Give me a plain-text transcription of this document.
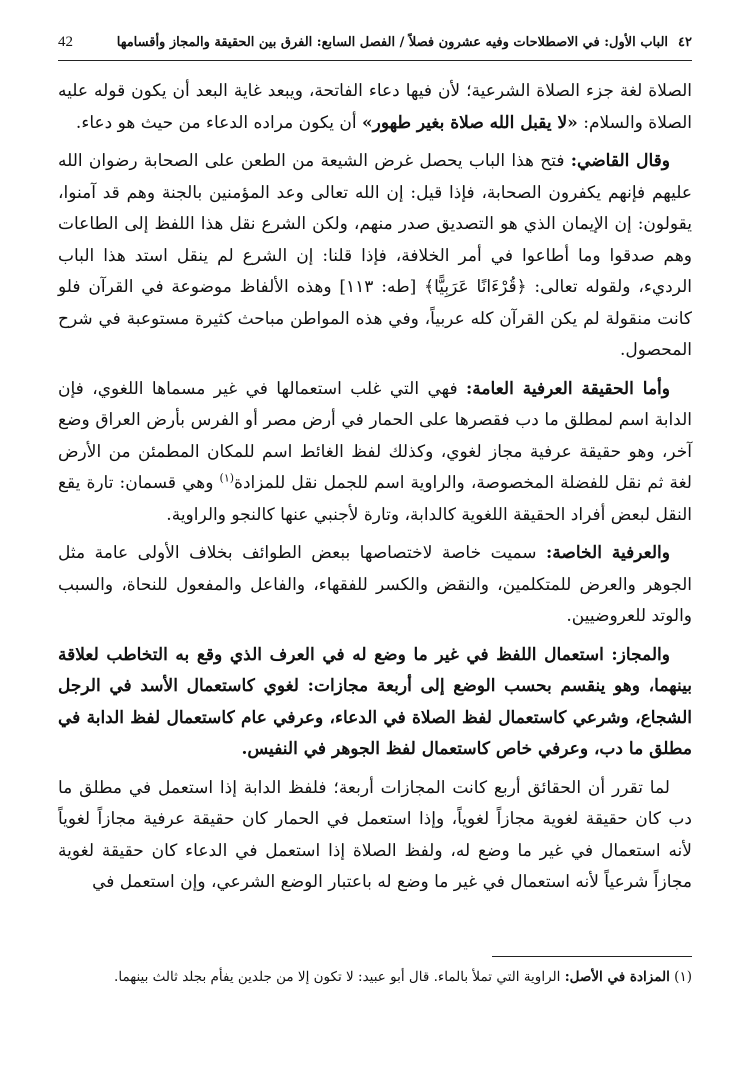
٤٢
الباب الأول: في الاصطلاحات وفيه عشرون فصلاً / الفصل السابع: الفرق بين الحقيقة والمجاز وأقسامها
42

الصلاة لغة جزء الصلاة الشرعية؛ لأن فيها دعاء الفاتحة، ويبعد غاية البعد أن يكون قوله عليه الصلاة والسلام: «لا يقبل الله صلاة بغير طهور» أن يكون مراده الدعاء من حيث هو دعاء.

وقال القاضي: فتح هذا الباب يحصل غرض الشيعة من الطعن على الصحابة رضوان الله عليهم فإنهم يكفرون الصحابة، فإذا قيل: إن الله تعالى وعد المؤمنين بالجنة وهم قد آمنوا، يقولون: إن الإيمان الذي هو التصديق صدر منهم، ولكن الشرع نقل هذا اللفظ إلى الطاعات وهم صدقوا وما أطاعوا في أمر الخلافة، فإذا قلنا: إن الشرع لم ينقل استد هذا الباب الرديء، ولقوله تعالى: ﴿قُرْءَانًا عَرَبِيًّا﴾ [طه: ١١٣] وهذه الألفاظ موضوعة في القرآن فلو كانت منقولة لم يكن القرآن كله عربياً، وفي هذه المواطن مباحث كثيرة مستوعبة في شرح المحصول.

وأما الحقيقة العرفية العامة: فهي التي غلب استعمالها في غير مسماها اللغوي، فإن الدابة اسم لمطلق ما دب فقصرها على الحمار في أرض مصر أو الفرس بأرض العراق وضع آخر، وهو حقيقة عرفية مجاز لغوي، وكذلك لفظ الغائط اسم للمكان المطمئن من الأرض لغة ثم نقل للفضلة المخصوصة، والراوية اسم للجمل نقل للمزادة$^{(١)}$ وهي قسمان: تارة يقع النقل لبعض أفراد الحقيقة اللغوية كالدابة، وتارة لأجنبي عنها كالنجو والراوية.

والعرفية الخاصة: سميت خاصة لاختصاصها ببعض الطوائف بخلاف الأولى عامة مثل الجوهر والعرض للمتكلمين، والنقض والكسر للفقهاء، والفاعل والمفعول للنحاة، والسبب والوتد للعروضيين.

والمجاز: استعمال اللفظ في غير ما وضع له في العرف الذي وقع به التخاطب لعلاقة بينهما، وهو ينقسم بحسب الوضع إلى أربعة مجازات: لغوي كاستعمال الأسد في الرجل الشجاع، وشرعي كاستعمال لفظ الصلاة في الدعاء، وعرفي عام كاستعمال لفظ الدابة في مطلق ما دب، وعرفي خاص كاستعمال لفظ الجوهر في النفيس.

لما تقرر أن الحقائق أربع كانت المجازات أربعة؛ فلفظ الدابة إذا استعمل في مطلق ما دب كان حقيقة لغوية مجازاً لغوياً، وإذا استعمل في الحمار كان حقيقة عرفية مجازاً لغوياً لأنه استعمال في غير ما وضع له، ولفظ الصلاة إذا استعمل في الدعاء كان حقيقة لغوية مجازاً شرعياً لأنه استعمال في غير ما وضع له باعتبار الوضع الشرعي، وإن استعمل في

(١) المزادة في الأصل: الراوية التي تملأ بالماء. قال أبو عبيد: لا تكون إلا من جلدين يفأم بجلد ثالث بينهما.
